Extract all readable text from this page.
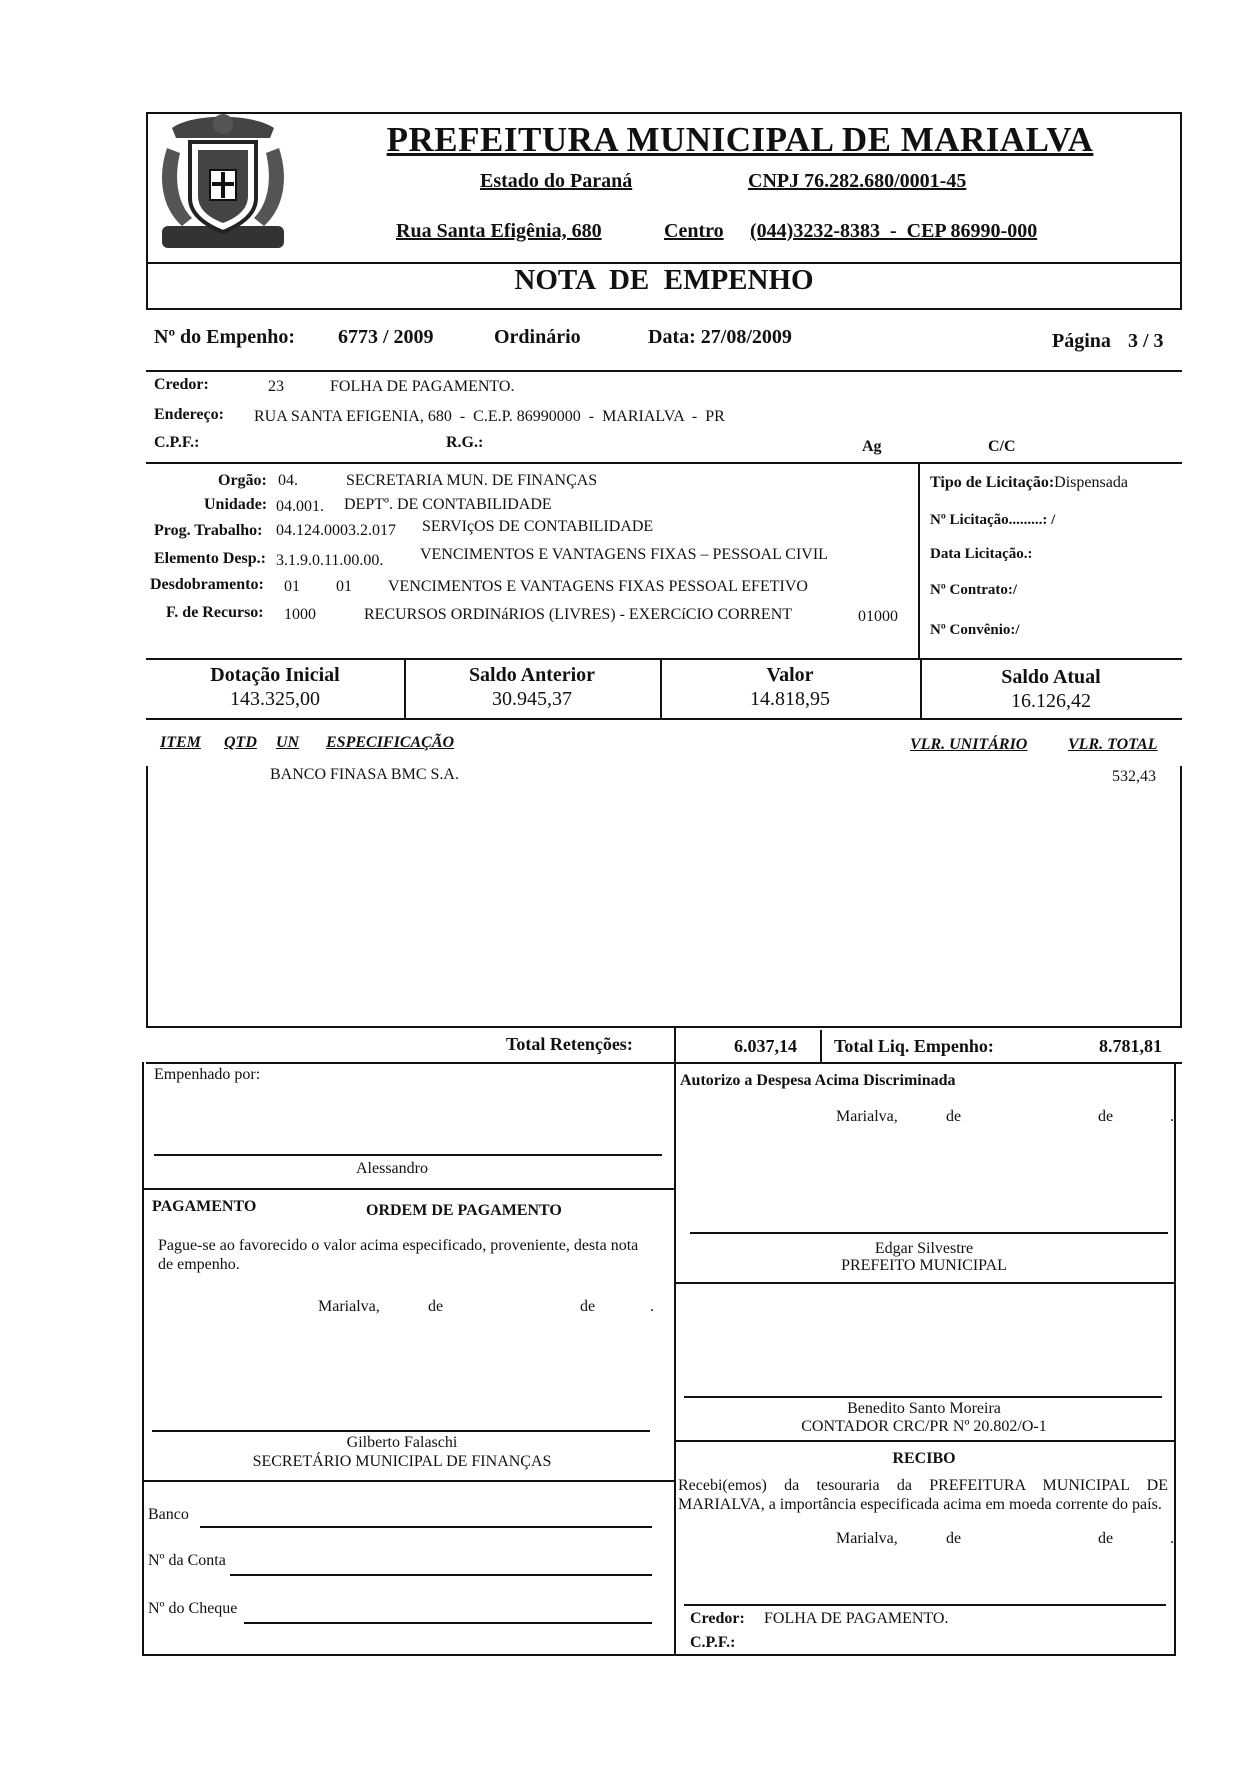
PREFEITURA MUNICIPAL DE MARIALVA
Estado do Paraná	CNPJ 76.282.680/0001-45
Rua Santa Efigênia, 680	Centro (044)3232-8383  -  CEP 86990-000
NOTA  DE  EMPENHO
Nº do Empenho: 6773 / 2009	Ordinário	Data: 27/08/2009	Página 3 / 3
Credor:	23	FOLHA DE PAGAMENTO.
Endereço: RUA SANTA EFIGENIA, 680  -  C.E.P. 86990000  -  MARIALVA  -  PR
C.P.F.:	R.G.:	Ag	C/C
Orgão: 04.	SECRETARIA MUN. DE FINANÇAS
Unidade: 04.001. DEPTº. DE CONTABILIDADE
Prog. Trabalho: 04.124.0003.2.017 SERVIçOS DE CONTABILIDADE
Elemento Desp.: 3.1.9.0.11.00.00. VENCIMENTOS E VANTAGENS FIXAS – PESSOAL CIVIL
Desdobramento: 01 01 VENCIMENTOS E VANTAGENS FIXAS PESSOAL EFETIVO
F. de Recurso: 1000	RECURSOS ORDINáRIOS (LIVRES) - EXERCíCIO CORRENT	01000
Tipo de Licitação:Dispensada
Nº Licitação.........: /
Data Licitação.:
Nº Contrato:/
Nº Convênio:/
Dotação Inicial
143.325,00
Saldo Anterior
30.945,37
Valor
14.818,95
Saldo Atual
16.126,42
ITEM QTD UN ESPECIFICAÇÃO	VLR. UNITÁRIO	VLR. TOTAL
BANCO FINASA BMC S.A.	532,43
Total Retenções:	6.037,14 Total Liq. Empenho:	8.781,81
Empenhado por:
Alessandro
PAGAMENTO	ORDEM DE PAGAMENTO
Pague-se ao favorecido o valor acima especificado, proveniente, desta nota de empenho.
Marialva,	de	de	.
Gilberto Falaschi
SECRETÁRIO MUNICIPAL DE FINANÇAS
Banco
Nº da Conta
Nº do Cheque
Autorizo a Despesa Acima Discriminada
Marialva,	de	de	.
Edgar Silvestre
PREFEITO MUNICIPAL
Benedito Santo Moreira
CONTADOR CRC/PR Nº 20.802/O-1
RECIBO
Recebi(emos) da tesouraria da PREFEITURA MUNICIPAL DE MARIALVA, a importância especificada acima em moeda corrente do país.
Marialva,	de	de	.
Credor: FOLHA DE PAGAMENTO.
C.P.F.:
